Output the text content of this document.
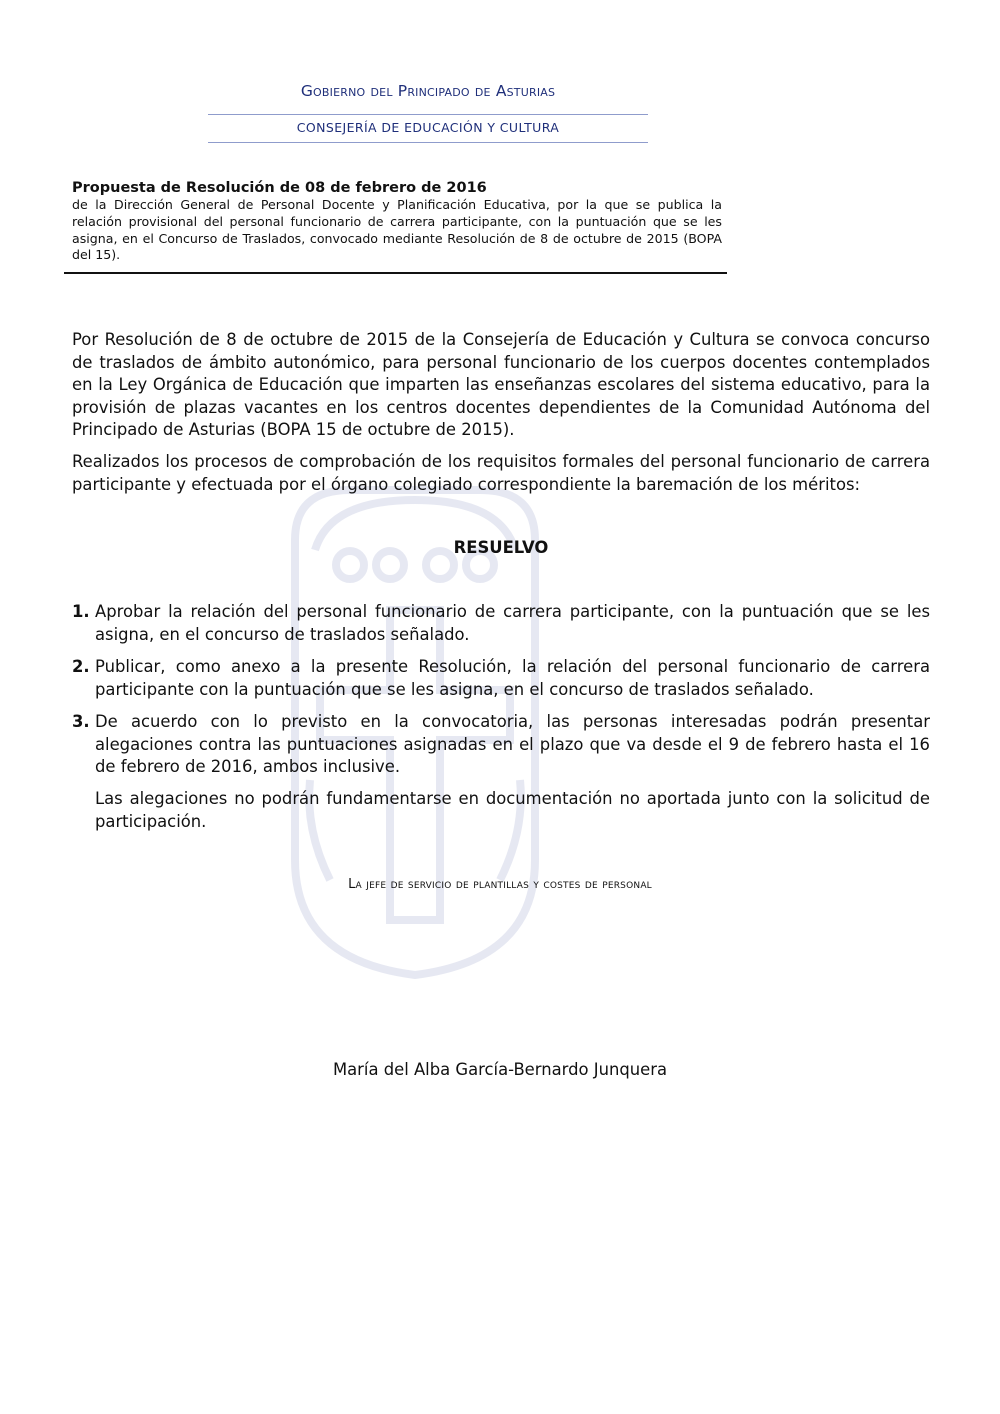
Gobierno del Principado de Asturias
CONSEJERÍA DE EDUCACIÓN Y CULTURA
Propuesta de Resolución de 08 de febrero de 2016
de la Dirección General de Personal Docente y Planificación Educativa, por la que se publica la relación provisional del personal funcionario de carrera participante, con la puntuación que se les asigna, en el Concurso de Traslados, convocado mediante Resolución de 8 de octubre de 2015 (BOPA del 15).
Por Resolución de 8 de octubre de 2015 de la Consejería de Educación y Cultura se convoca concurso de traslados de ámbito autonómico, para personal funcionario de los cuerpos docentes contemplados en la Ley Orgánica de Educación que imparten las enseñanzas escolares del sistema educativo, para la provisión de plazas vacantes en los centros docentes dependientes de la Comunidad Autónoma del Principado de Asturias (BOPA 15 de octubre de 2015).
Realizados los procesos de comprobación de los requisitos formales del personal funcionario de carrera participante y efectuada por el órgano colegiado correspondiente la baremación de los méritos:
RESUELVO
1. Aprobar la relación del personal funcionario de carrera participante, con la puntuación que se les asigna, en el concurso de traslados señalado.
2. Publicar, como anexo a la presente Resolución, la relación del personal funcionario de carrera participante con la puntuación que se les asigna, en el concurso de traslados señalado.
3. De acuerdo con lo previsto en la convocatoria, las personas interesadas podrán presentar alegaciones contra las puntuaciones asignadas en el plazo que va desde el 9 de febrero hasta el 16 de febrero de 2016, ambos inclusive.
Las alegaciones no podrán fundamentarse en documentación no aportada junto con la solicitud de participación.
La jefe de servicio de plantillas y costes de personal
María del Alba García-Bernardo Junquera
